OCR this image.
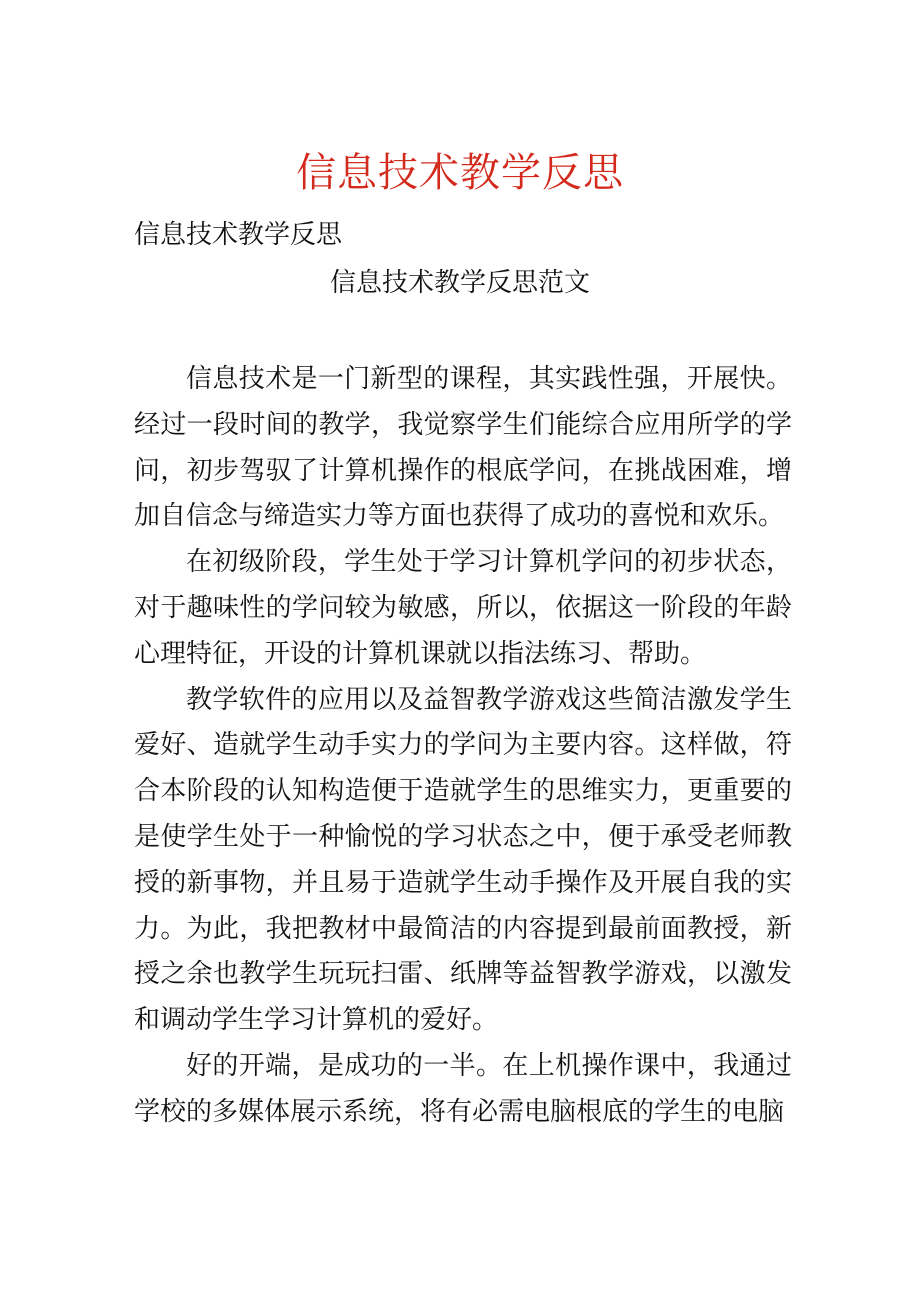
信息技术教学反思
信息技术教学反思
信息技术教学反思范文

信息技术是一门新型的课程，其实践性强，开展快。经过一段时间的教学，我觉察学生们能综合应用所学的学问，初步驾驭了计算机操作的根底学问，在挑战困难，增加自信念与缔造实力等方面也获得了成功的喜悦和欢乐。

在初级阶段，学生处于学习计算机学问的初步状态，对于趣味性的学问较为敏感，所以，依据这一阶段的年龄心理特征，开设的计算机课就以指法练习、帮助。

教学软件的应用以及益智教学游戏这些简洁激发学生爱好、造就学生动手实力的学问为主要内容。这样做，符合本阶段的认知构造便于造就学生的思维实力，更重要的是使学生处于一种愉悦的学习状态之中，便于承受老师教授的新事物，并且易于造就学生动手操作及开展自我的实力。为此，我把教材中最简洁的内容提到最前面教授，新授之余也教学生玩玩扫雷、纸牌等益智教学游戏，以激发和调动学生学习计算机的爱好。

好的开端，是成功的一半。在上机操作课中，我通过学校的多媒体展示系统，将有必需电脑根底的学生的电脑
